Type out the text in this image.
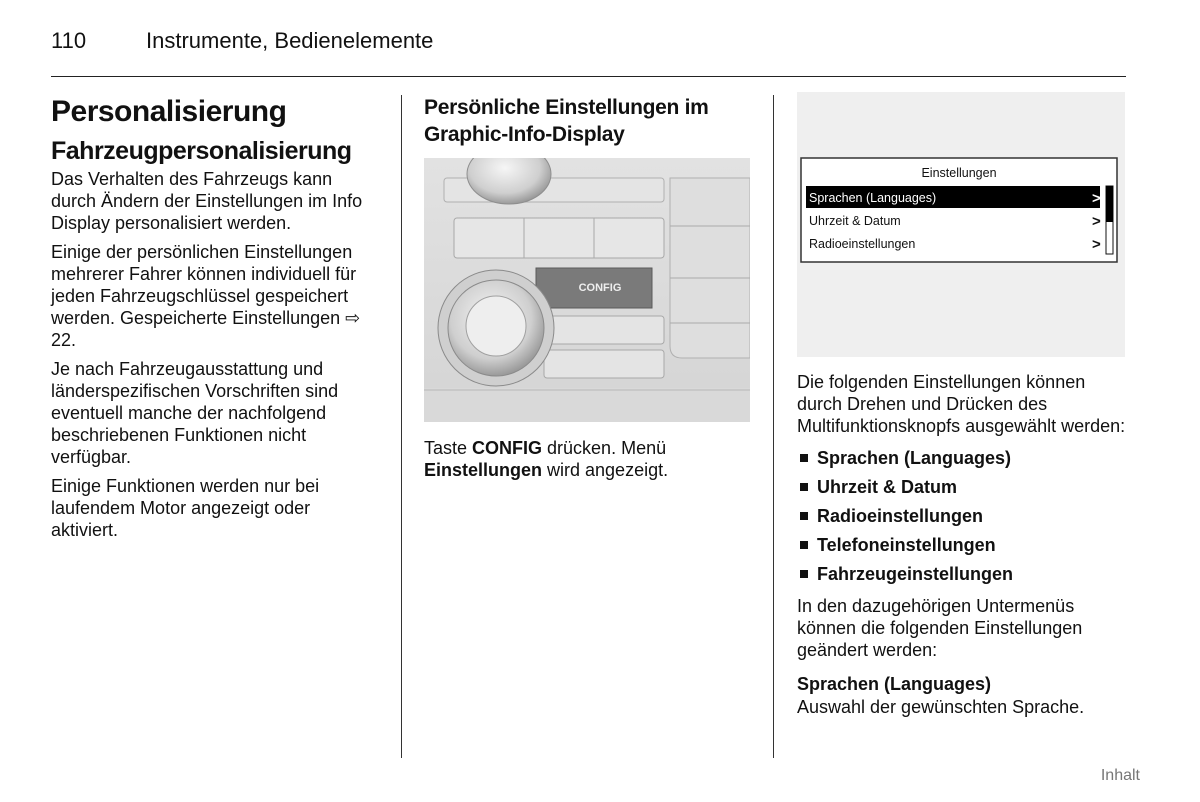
110	Instrumente, Bedienelemente
Personalisierung
Fahrzeugpersonalisierung

Das Verhalten des Fahrzeugs kann durch Ändern der Einstellungen im Info Display personalisiert werden.

Einige der persönlichen Einstellungen mehrerer Fahrer können individuell für jeden Fahrzeugschlüssel gespeichert werden. Gespeicherte Einstellungen ⇨ 22.

Je nach Fahrzeugausstattung und länderspezifischen Vorschriften sind eventuell manche der nachfolgend beschriebenen Funktionen nicht verfügbar.

Einige Funktionen werden nur bei laufendem Motor angezeigt oder aktiviert.

Persönliche Einstellungen im Graphic-Info-Display
CONFIG

Taste CONFIG drücken. Menü Einstellungen wird angezeigt.

Einstellungen
Sprachen (Languages)	>
Uhrzeit & Datum	>
Radioeinstellungen	>

Die folgenden Einstellungen können durch Drehen und Drücken des Multifunktionsknopfs ausgewählt werden:

Sprachen (Languages)
Uhrzeit & Datum
Radioeinstellungen
Telefoneinstellungen
Fahrzeugeinstellungen

In den dazugehörigen Untermenüs können die folgenden Einstellungen geändert werden:

Sprachen (Languages)

Auswahl der gewünschten Sprache.

Inhalt
